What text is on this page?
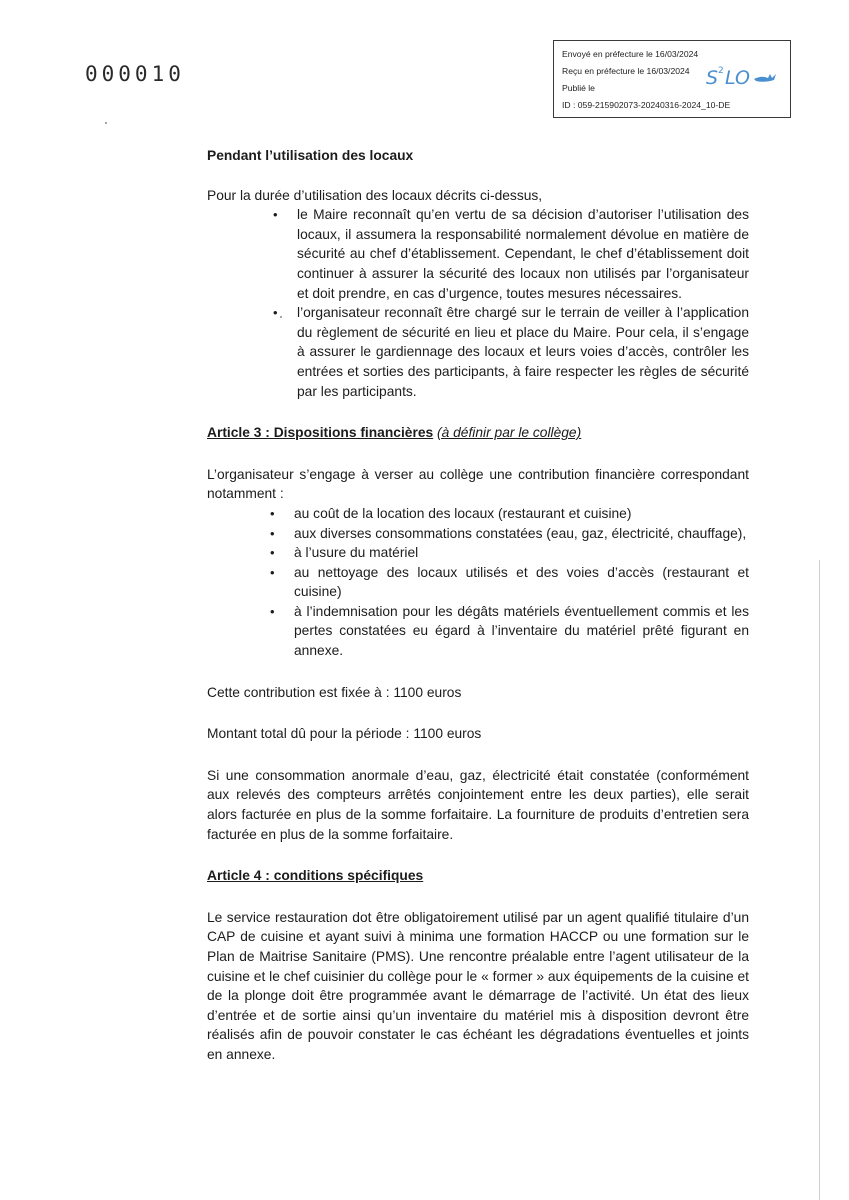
000010
Envoyé en préfecture le 16/03/2024
Reçu en préfecture le 16/03/2024
Publié le
ID : 059-215902073-20240316-2024_10-DE
S 2 LO

Pendant l’utilisation des locaux

Pour la durée d’utilisation des locaux décrits ci-dessus,

• le Maire reconnaît qu’en vertu de sa décision d’autoriser l’utilisation des locaux, il assumera la responsabilité normalement dévolue en matière de sécurité au chef d’établissement. Cependant, le chef d’établissement doit continuer à assurer la sécurité des locaux non utilisés par l’organisateur et doit prendre, en cas d’urgence, toutes mesures nécessaires.
• l’organisateur reconnaît être chargé sur le terrain de veiller à l’application du règlement de sécurité en lieu et place du Maire. Pour cela, il s’engage à assurer le gardiennage des locaux et leurs voies d’accès, contrôler les entrées et sorties des participants, à faire respecter les règles de sécurité par les participants.

Article 3 : Dispositions financières (à définir par le collège)

L’organisateur s’engage à verser au collège une contribution financière correspondant notamment :

• au coût de la location des locaux (restaurant et cuisine)
• aux diverses consommations constatées (eau, gaz, électricité, chauffage),
• à l’usure du matériel
• au nettoyage des locaux utilisés et des voies d’accès (restaurant et cuisine)
• à l’indemnisation pour les dégâts matériels éventuellement commis et les pertes constatées eu égard à l’inventaire du matériel prêté figurant en annexe.

Cette contribution est fixée à : 1100 euros

Montant total dû pour la période : 1100 euros

Si une consommation anormale d’eau, gaz, électricité était constatée (conformément aux relevés des compteurs arrêtés conjointement entre les deux parties), elle serait alors facturée en plus de la somme forfaitaire. La fourniture de produits d’entretien sera facturée en plus de la somme forfaitaire.

Article 4 : conditions spécifiques

Le service restauration dot être obligatoirement utilisé par un agent qualifié titulaire d’un CAP de cuisine et ayant suivi à minima une formation HACCP ou une formation sur le Plan de Maitrise Sanitaire (PMS). Une rencontre préalable entre l’agent utilisateur de la cuisine et le chef cuisinier du collège pour le « former » aux équipements de la cuisine et de la plonge doit être programmée avant le démarrage de l’activité. Un état des lieux d’entrée et de sortie ainsi qu’un inventaire du matériel mis à disposition devront être réalisés afin de pouvoir constater le cas échéant les dégradations éventuelles et joints en annexe.
